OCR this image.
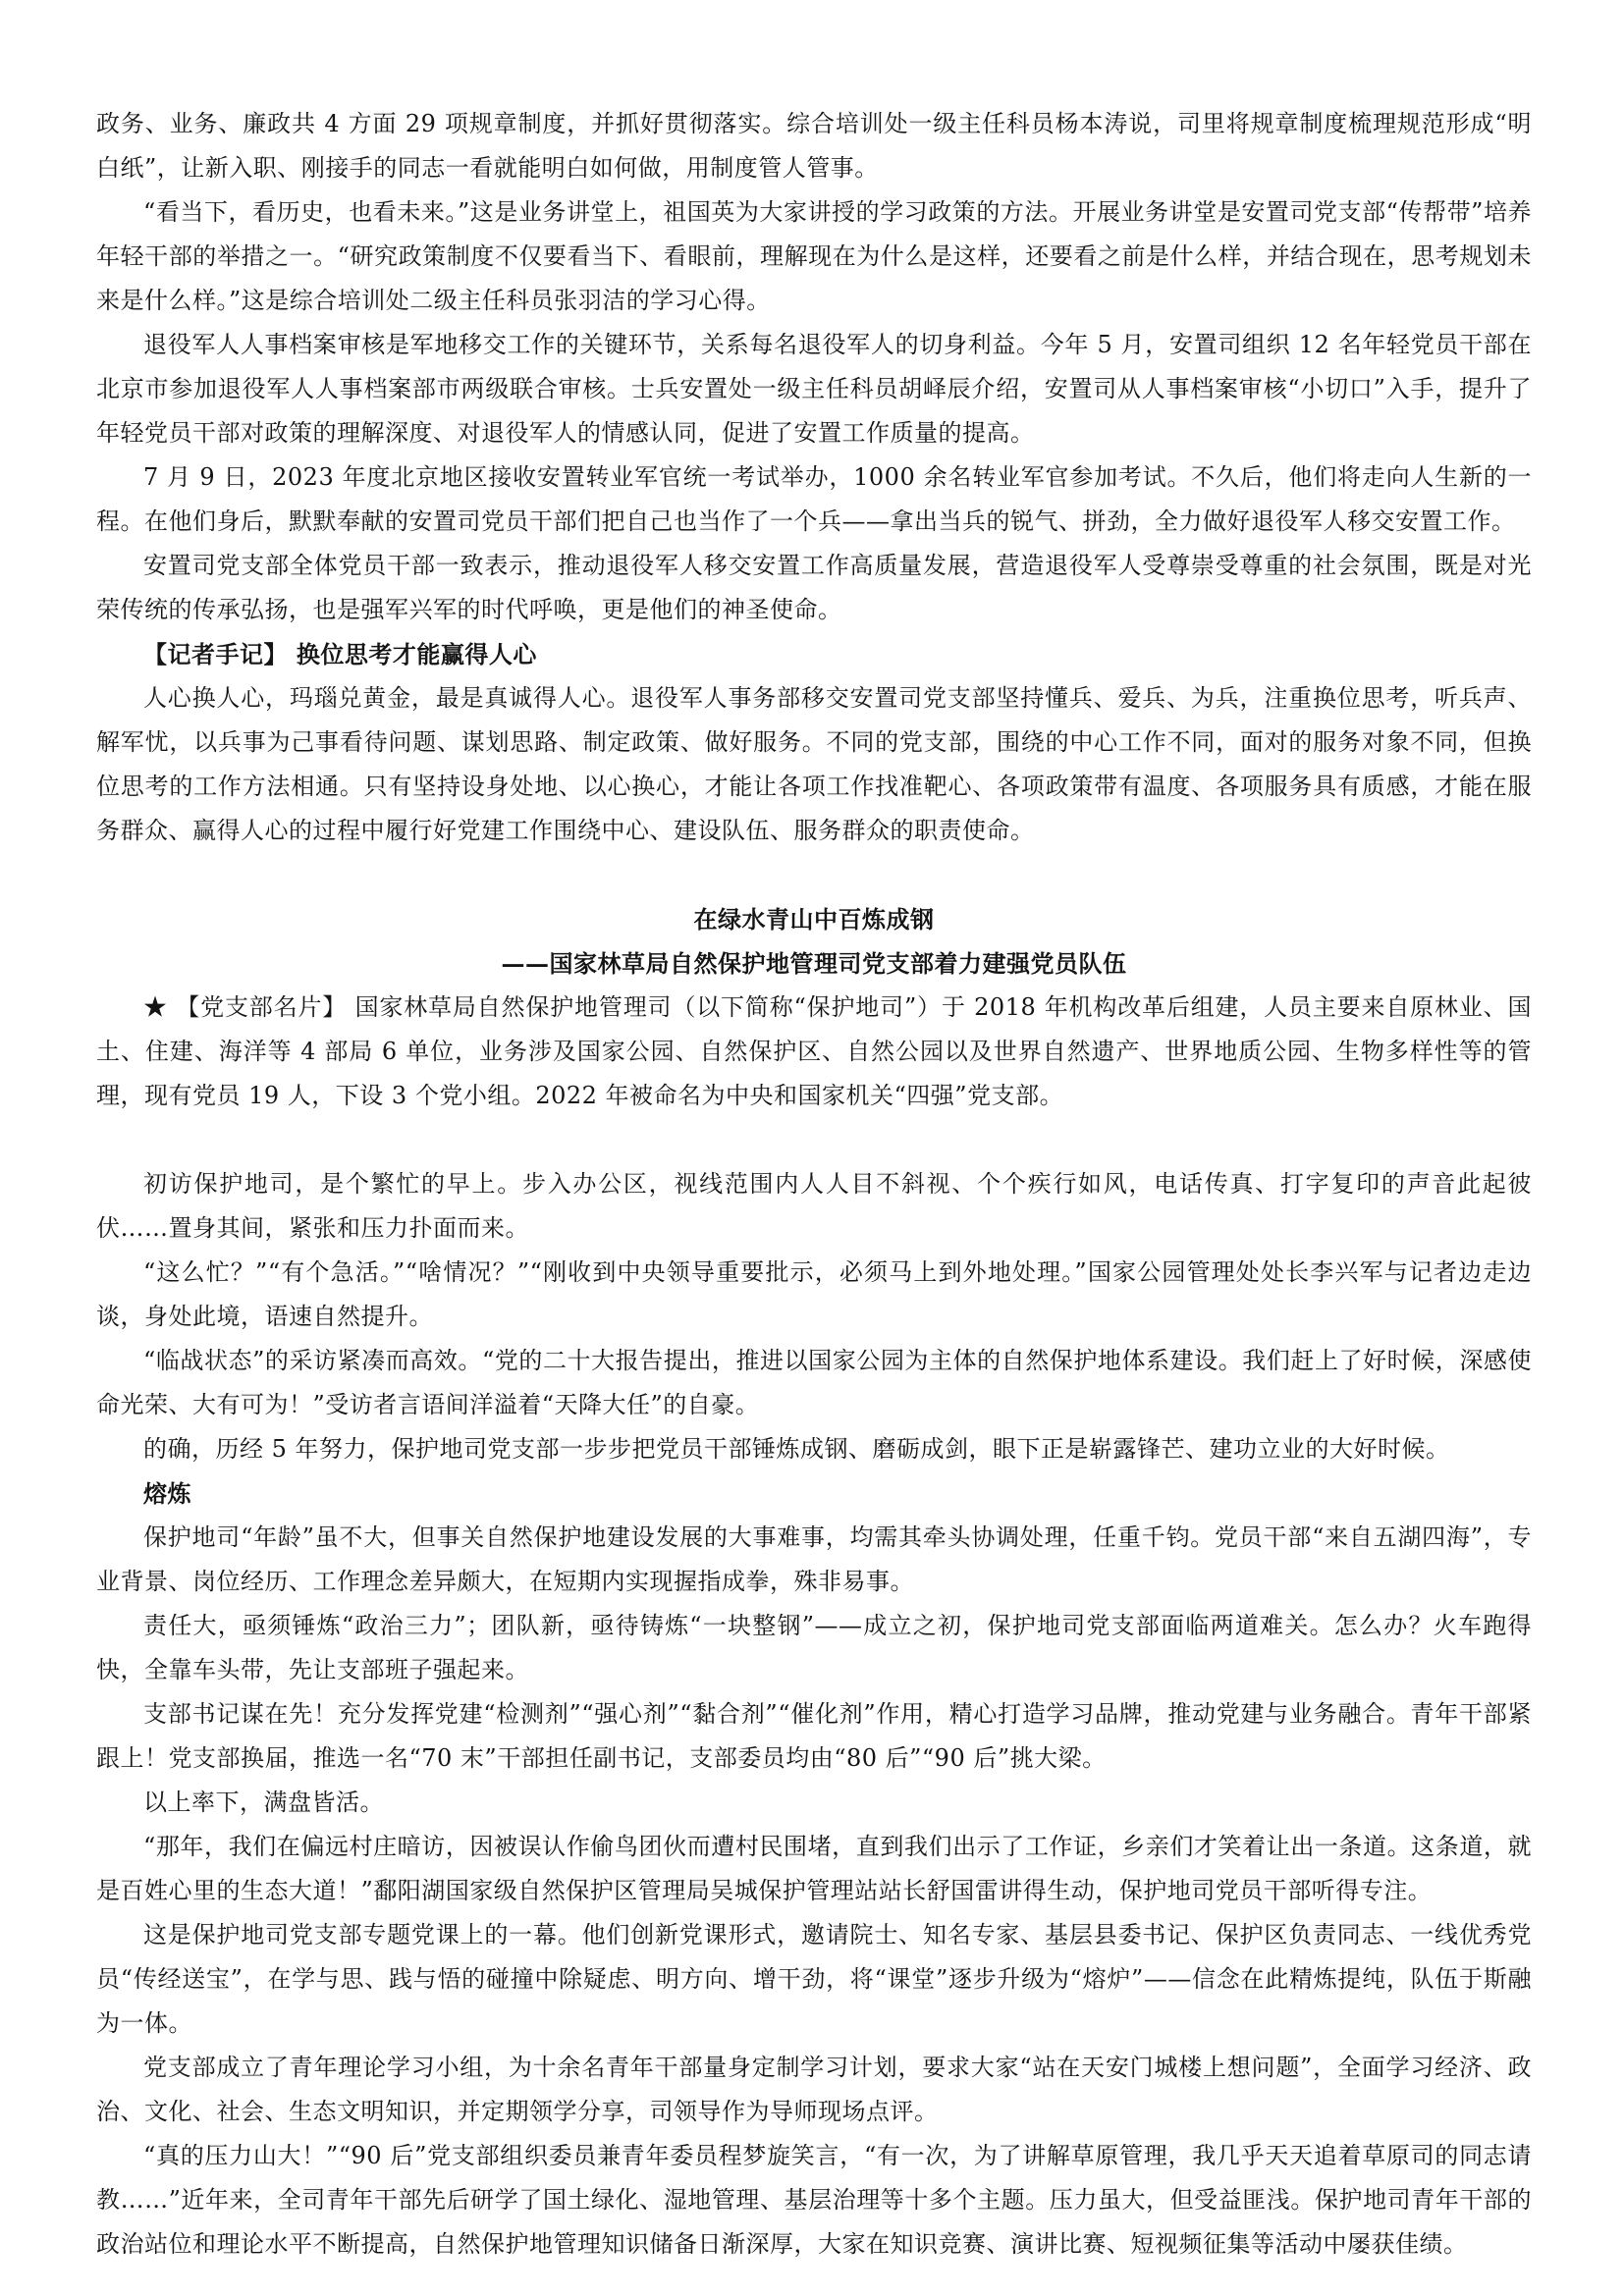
政务、业务、廉政共 4 方面 29 项规章制度，并抓好贯彻落实。综合培训处一级主任科员杨本涛说，司里将规章制度梳理规范形成“明白纸”，让新入职、刚接手的同志一看就能明白如何做，用制度管人管事。

“看当下，看历史，也看未来。”这是业务讲堂上，祖国英为大家讲授的学习政策的方法。开展业务讲堂是安置司党支部“传帮带”培养年轻干部的举措之一。“研究政策制度不仅要看当下、看眼前，理解现在为什么是这样，还要看之前是什么样，并结合现在，思考规划未来是什么样。”这是综合培训处二级主任科员张羽洁的学习心得。

退役军人人事档案审核是军地移交工作的关键环节，关系每名退役军人的切身利益。今年 5 月，安置司组织 12 名年轻党员干部在北京市参加退役军人人事档案部市两级联合审核。士兵安置处一级主任科员胡峄辰介绍，安置司从人事档案审核“小切口”入手，提升了年轻党员干部对政策的理解深度、对退役军人的情感认同，促进了安置工作质量的提高。

7 月 9 日，2023 年度北京地区接收安置转业军官统一考试举办，1000 余名转业军官参加考试。不久后，他们将走向人生新的一程。在他们身后，默默奉献的安置司党员干部们把自己也当作了一个兵——拿出当兵的锐气、拼劲，全力做好退役军人移交安置工作。

安置司党支部全体党员干部一致表示，推动退役军人移交安置工作高质量发展，营造退役军人受尊崇受尊重的社会氛围，既是对光荣传统的传承弘扬，也是强军兴军的时代呼唤，更是他们的神圣使命。

【记者手记】 换位思考才能赢得人心

人心换人心，玛瑙兑黄金，最是真诚得人心。退役军人事务部移交安置司党支部坚持懂兵、爱兵、为兵，注重换位思考，听兵声、解军忧，以兵事为己事看待问题、谋划思路、制定政策、做好服务。不同的党支部，围绕的中心工作不同，面对的服务对象不同，但换位思考的工作方法相通。只有坚持设身处地、以心换心，才能让各项工作找准靶心、各项政策带有温度、各项服务具有质感，才能在服务群众、赢得人心的过程中履行好党建工作围绕中心、建设队伍、服务群众的职责使命。

在绿水青山中百炼成钢

——国家林草局自然保护地管理司党支部着力建强党员队伍

★ 【党支部名片】 国家林草局自然保护地管理司（以下简称“保护地司”）于 2018 年机构改革后组建，人员主要来自原林业、国土、住建、海洋等 4 部局 6 单位，业务涉及国家公园、自然保护区、自然公园以及世界自然遗产、世界地质公园、生物多样性等的管理，现有党员 19 人，下设 3 个党小组。2022 年被命名为中央和国家机关“四强”党支部。

初访保护地司，是个繁忙的早上。步入办公区，视线范围内人人目不斜视、个个疾行如风，电话传真、打字复印的声音此起彼伏……置身其间，紧张和压力扑面而来。

“这么忙？”“有个急活。”“啥情况？”“刚收到中央领导重要批示，必须马上到外地处理。”国家公园管理处处长李兴军与记者边走边谈，身处此境，语速自然提升。

“临战状态”的采访紧凑而高效。“党的二十大报告提出，推进以国家公园为主体的自然保护地体系建设。我们赶上了好时候，深感使命光荣、大有可为！”受访者言语间洋溢着“天降大任”的自豪。

的确，历经 5 年努力，保护地司党支部一步步把党员干部锤炼成钢、磨砺成剑，眼下正是崭露锋芒、建功立业的大好时候。

熔炼

保护地司“年龄”虽不大，但事关自然保护地建设发展的大事难事，均需其牵头协调处理，任重千钧。党员干部“来自五湖四海”，专业背景、岗位经历、工作理念差异颇大，在短期内实现握指成拳，殊非易事。

责任大，亟须锤炼“政治三力”；团队新，亟待铸炼“一块整钢”——成立之初，保护地司党支部面临两道难关。怎么办？火车跑得快，全靠车头带，先让支部班子强起来。

支部书记谋在先！充分发挥党建“检测剂”“强心剂”“黏合剂”“催化剂”作用，精心打造学习品牌，推动党建与业务融合。青年干部紧跟上！党支部换届，推选一名“70 末”干部担任副书记，支部委员均由“80 后”“90 后”挑大梁。

以上率下，满盘皆活。

“那年，我们在偏远村庄暗访，因被误认作偷鸟团伙而遭村民围堵，直到我们出示了工作证，乡亲们才笑着让出一条道。这条道，就是百姓心里的生态大道！”鄱阳湖国家级自然保护区管理局吴城保护管理站站长舒国雷讲得生动，保护地司党员干部听得专注。

这是保护地司党支部专题党课上的一幕。他们创新党课形式，邀请院士、知名专家、基层县委书记、保护区负责同志、一线优秀党员“传经送宝”，在学与思、践与悟的碰撞中除疑虑、明方向、增干劲，将“课堂”逐步升级为“熔炉”——信念在此精炼提纯，队伍于斯融为一体。

党支部成立了青年理论学习小组，为十余名青年干部量身定制学习计划，要求大家“站在天安门城楼上想问题”，全面学习经济、政治、文化、社会、生态文明知识，并定期领学分享，司领导作为导师现场点评。

“真的压力山大！”“90 后”党支部组织委员兼青年委员程梦旋笑言，“有一次，为了讲解草原管理，我几乎天天追着草原司的同志请教……”近年来，全司青年干部先后研学了国土绿化、湿地管理、基层治理等十多个主题。压力虽大，但受益匪浅。保护地司青年干部的政治站位和理论水平不断提高，自然保护地管理知识储备日渐深厚，大家在知识竞赛、演讲比赛、短视频征集等活动中屡获佳绩。
